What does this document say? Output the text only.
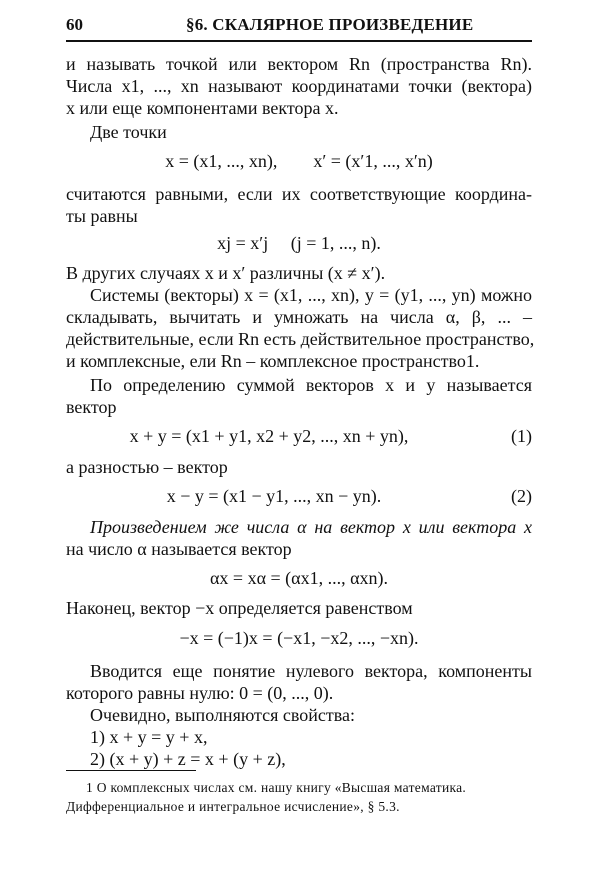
60	§6. СКАЛЯРНОЕ ПРОИЗВЕДЕНИЕ
и называть точкой или вектором Rn (пространства Rn).
Числа x1, ..., xn называют координатами точки (вектора)
x или еще компонентами вектора x.
Две точки
x = (x1, ..., xn),        x′ = (x′1, ..., x′n)
считаются равными, если их соответствующие координа-
ты равны
xj = x′j     (j = 1, ..., n).
В других случаях x и x′ различны (x ≠ x′).
Системы (векторы) x = (x1, ..., xn), y = (y1, ..., yn) можно
складывать, вычитать и умножать на числа α, β, ... –
действительные, если Rn есть действительное пространство,
и комплексные, ели Rn – комплексное пространство1.
По определению суммой векторов x и y называется
вектор
x + y = (x1 + y1, x2 + y2, ..., xn + yn),	(1)
а разностью – вектор
x − y = (x1 − y1, ..., xn − yn).	(2)
Произведением же числа α на вектор x или вектора x
на число α называется вектор
αx = xα = (αx1, ..., αxn).
Наконец, вектор −x определяется равенством
−x = (−1)x = (−x1, −x2, ..., −xn).
Вводится еще понятие нулевого вектора, компоненты
которого равны нулю: 0 = (0, ..., 0).
Очевидно, выполняются свойства:
1) x + y = y + x,
2) (x + y) + z = x + (y + z),
1 О комплексных числах см. нашу книгу «Высшая математика.
Дифференциальное и интегральное исчисление», § 5.3.
